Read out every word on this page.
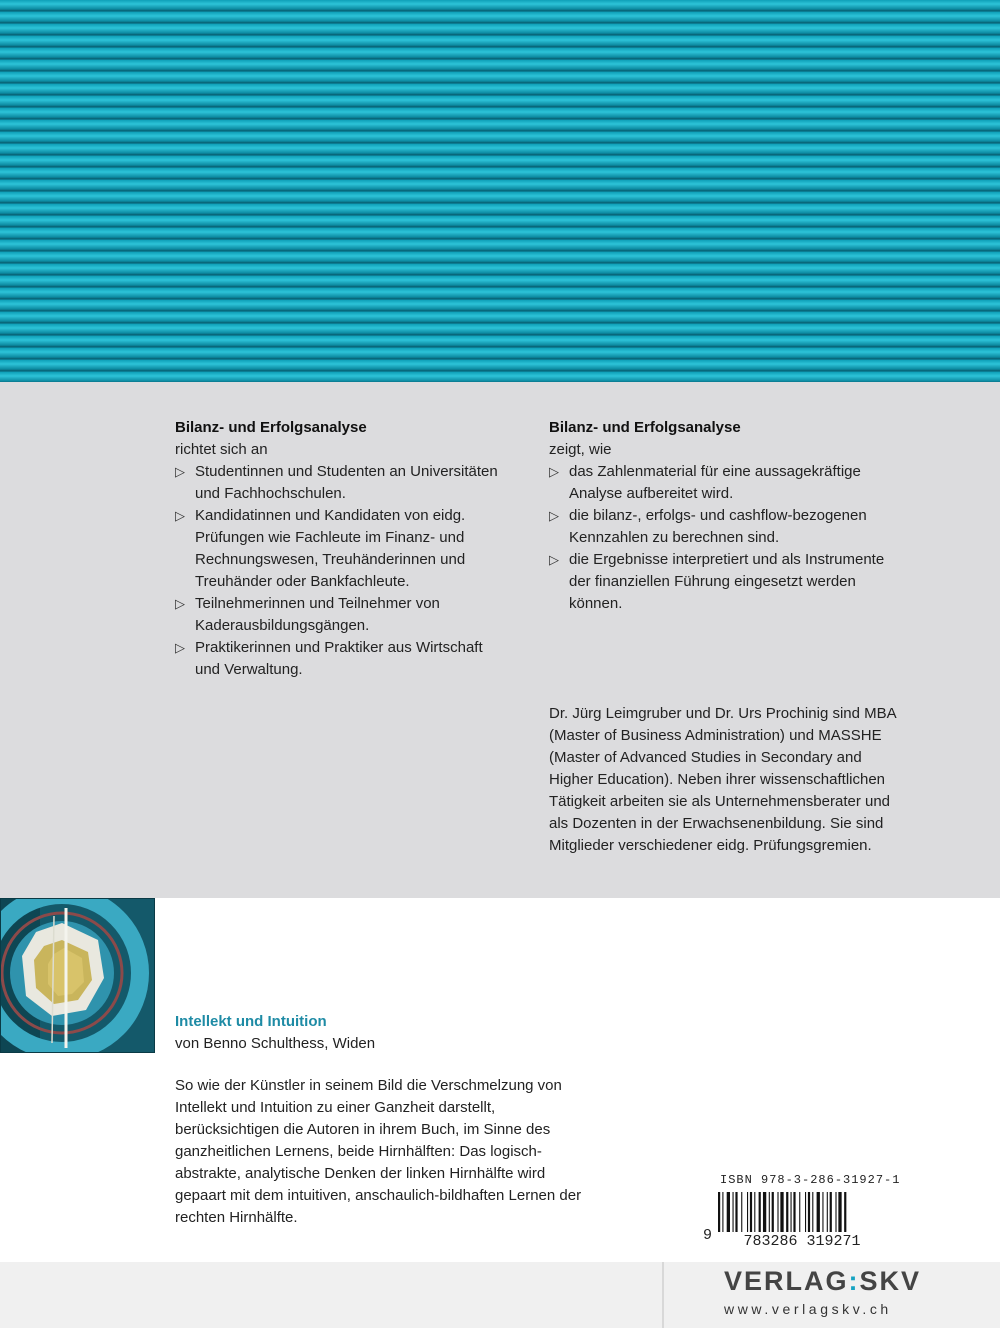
Bilanz- und Erfolgsanalyse

richtet sich an

▷ Studentinnen und Studenten an Universitäten und Fachhochschulen.
▷ Kandidatinnen und Kandidaten von eidg. Prüfungen wie Fachleute im Finanz- und Rechnungswesen, Treuhänderinnen und Treuhänder oder Bankfachleute.
▷ Teilnehmerinnen und Teilnehmer von Kaderausbildungsgängen.
▷ Praktikerinnen und Praktiker aus Wirtschaft und Verwaltung.
Bilanz- und Erfolgsanalyse

zeigt, wie

▷ das Zahlenmaterial für eine aussagekräftige Analyse aufbereitet wird.
▷ die bilanz-, erfolgs- und cashflow-bezogenen Kennzahlen zu berechnen sind.
▷ die Ergebnisse interpretiert und als Instrumente der finanziellen Führung eingesetzt werden können.

Dr. Jürg Leimgruber und Dr. Urs Prochinig sind MBA (Master of Business Administration) und MASSHE (Master of Advanced Studies in Secondary and Higher Education). Neben ihrer wissenschaftlichen Tätigkeit arbeiten sie als Unternehmensberater und als Dozenten in der Erwachsenenbildung. Sie sind Mitglieder verschiedener eidg. Prüfungsgremien.

Intellekt und Intuition

von Benno Schulthess, Widen

So wie der Künstler in seinem Bild die Verschmelzung von Intellekt und Intuition zu einer Ganzheit darstellt, berücksichtigen die Autoren in ihrem Buch, im Sinne des ganzheitlichen Lernens, beide Hirnhälften: Das logisch-abstrakte, analytische Denken der linken Hirnhälfte wird gepaart mit dem intuitiven, anschaulich-bildhaften Lernen der rechten Hirnhälfte.

ISBN 978-3-286-31927-1
9 783286 319271
VERLAG:SKV
www.verlagskv.ch
